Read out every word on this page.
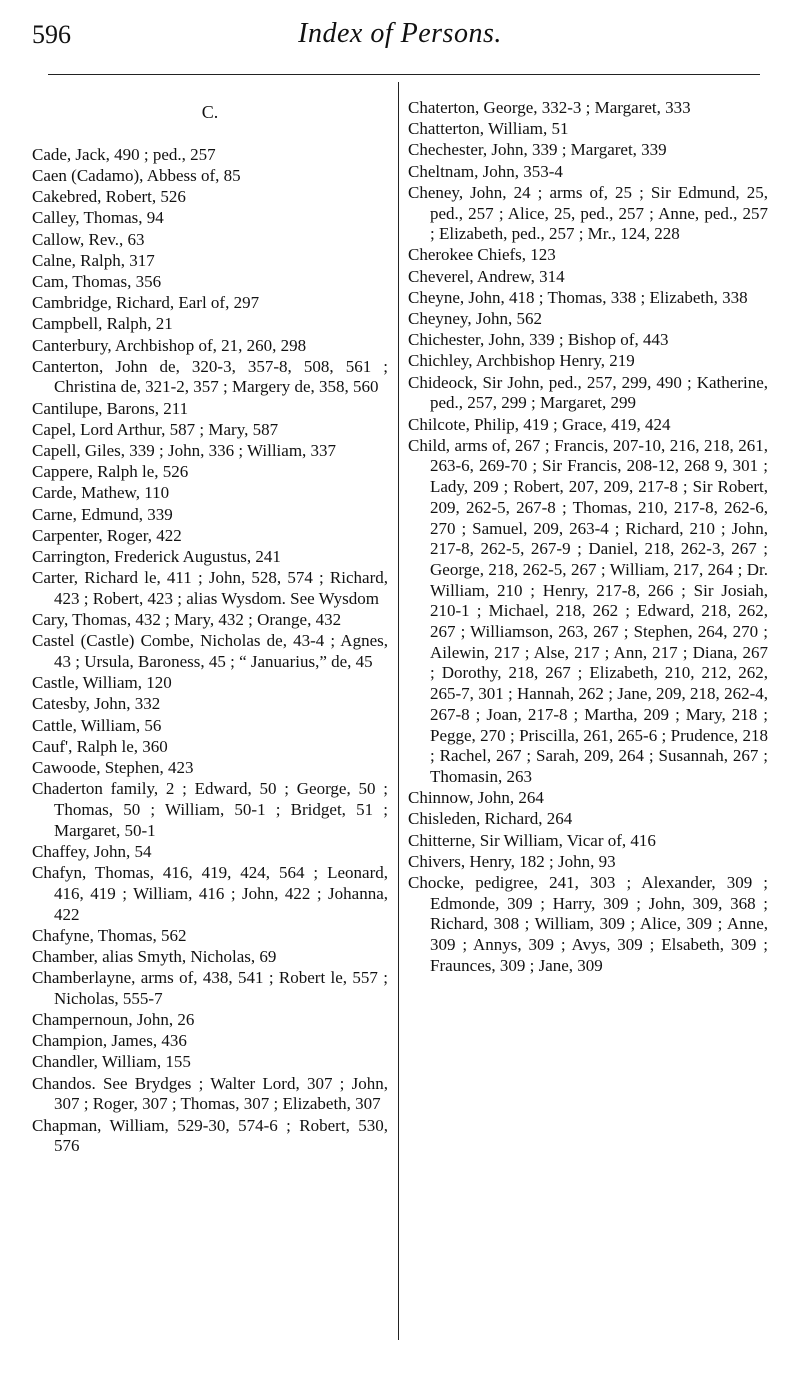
596	Index of Persons.
C.
Cade, Jack, 490 ; ped., 257
Caen (Cadamo), Abbess of, 85
Cakebred, Robert, 526
Calley, Thomas, 94
Callow, Rev., 63
Calne, Ralph, 317
Cam, Thomas, 356
Cambridge, Richard, Earl of, 297
Campbell, Ralph, 21
Canterbury, Archbishop of, 21, 260, 298
Canterton, John de, 320-3, 357-8, 508, 561 ; Christina de, 321-2, 357 ; Margery de, 358, 560
Cantilupe, Barons, 211
Capel, Lord Arthur, 587 ; Mary, 587
Capell, Giles, 339 ; John, 336 ; William, 337
Cappere, Ralph le, 526
Carde, Mathew, 110
Carne, Edmund, 339
Carpenter, Roger, 422
Carrington, Frederick Augustus, 241
Carter, Richard le, 411 ; John, 528, 574 ; Richard, 423 ; Robert, 423 ; alias Wysdom. See Wysdom
Cary, Thomas, 432 ; Mary, 432 ; Orange, 432
Castel (Castle) Combe, Nicholas de, 43-4 ; Agnes, 43 ; Ursula, Baroness, 45 ; “ Januarius,” de, 45
Castle, William, 120
Catesby, John, 332
Cattle, William, 56
Cauf', Ralph le, 360
Cawoode, Stephen, 423
Chaderton family, 2 ; Edward, 50 ; George, 50 ; Thomas, 50 ; William, 50-1 ; Bridget, 51 ; Margaret, 50-1
Chaffey, John, 54
Chafyn, Thomas, 416, 419, 424, 564 ; Leonard, 416, 419 ; William, 416 ; John, 422 ; Johanna, 422
Chafyne, Thomas, 562
Chamber, alias Smyth, Nicholas, 69
Chamberlayne, arms of, 438, 541 ; Robert le, 557 ; Nicholas, 555-7
Champernoun, John, 26
Champion, James, 436
Chandler, William, 155
Chandos. See Brydges ; Walter Lord, 307 ; John, 307 ; Roger, 307 ; Thomas, 307 ; Elizabeth, 307
Chapman, William, 529-30, 574-6 ; Robert, 530, 576
Chaterton, George, 332-3 ; Margaret, 333
Chatterton, William, 51
Chechester, John, 339 ; Margaret, 339
Cheltnam, John, 353-4
Cheney, John, 24 ; arms of, 25 ; Sir Edmund, 25, ped., 257 ; Alice, 25, ped., 257 ; Anne, ped., 257 ; Elizabeth, ped., 257 ; Mr., 124, 228
Cherokee Chiefs, 123
Cheverel, Andrew, 314
Cheyne, John, 418 ; Thomas, 338 ; Elizabeth, 338
Cheyney, John, 562
Chichester, John, 339 ; Bishop of, 443
Chichley, Archbishop Henry, 219
Chideock, Sir John, ped., 257, 299, 490 ; Katherine, ped., 257, 299 ; Margaret, 299
Chilcote, Philip, 419 ; Grace, 419, 424
Child, arms of, 267 ; Francis, 207-10, 216, 218, 261, 263-6, 269-70 ; Sir Francis, 208-12, 268 9, 301 ; Lady, 209 ; Robert, 207, 209, 217-8 ; Sir Robert, 209, 262-5, 267-8 ; Thomas, 210, 217-8, 262-6, 270 ; Samuel, 209, 263-4 ; Richard, 210 ; John, 217-8, 262-5, 267-9 ; Daniel, 218, 262-3, 267 ; George, 218, 262-5, 267 ; William, 217, 264 ; Dr. William, 210 ; Henry, 217-8, 266 ; Sir Josiah, 210-1 ; Michael, 218, 262 ; Edward, 218, 262, 267 ; Williamson, 263, 267 ; Stephen, 264, 270 ; Ailewin, 217 ; Alse, 217 ; Ann, 217 ; Diana, 267 ; Dorothy, 218, 267 ; Elizabeth, 210, 212, 262, 265-7, 301 ; Hannah, 262 ; Jane, 209, 218, 262-4, 267-8 ; Joan, 217-8 ; Martha, 209 ; Mary, 218 ; Pegge, 270 ; Priscilla, 261, 265-6 ; Prudence, 218 ; Rachel, 267 ; Sarah, 209, 264 ; Susannah, 267 ; Thomasin, 263
Chinnow, John, 264
Chisleden, Richard, 264
Chitterne, Sir William, Vicar of, 416
Chivers, Henry, 182 ; John, 93
Chocke, pedigree, 241, 303 ; Alexander, 309 ; Edmonde, 309 ; Harry, 309 ; John, 309, 368 ; Richard, 308 ; William, 309 ; Alice, 309 ; Anne, 309 ; Annys, 309 ; Avys, 309 ; Elsabeth, 309 ; Fraunces, 309 ; Jane, 309
